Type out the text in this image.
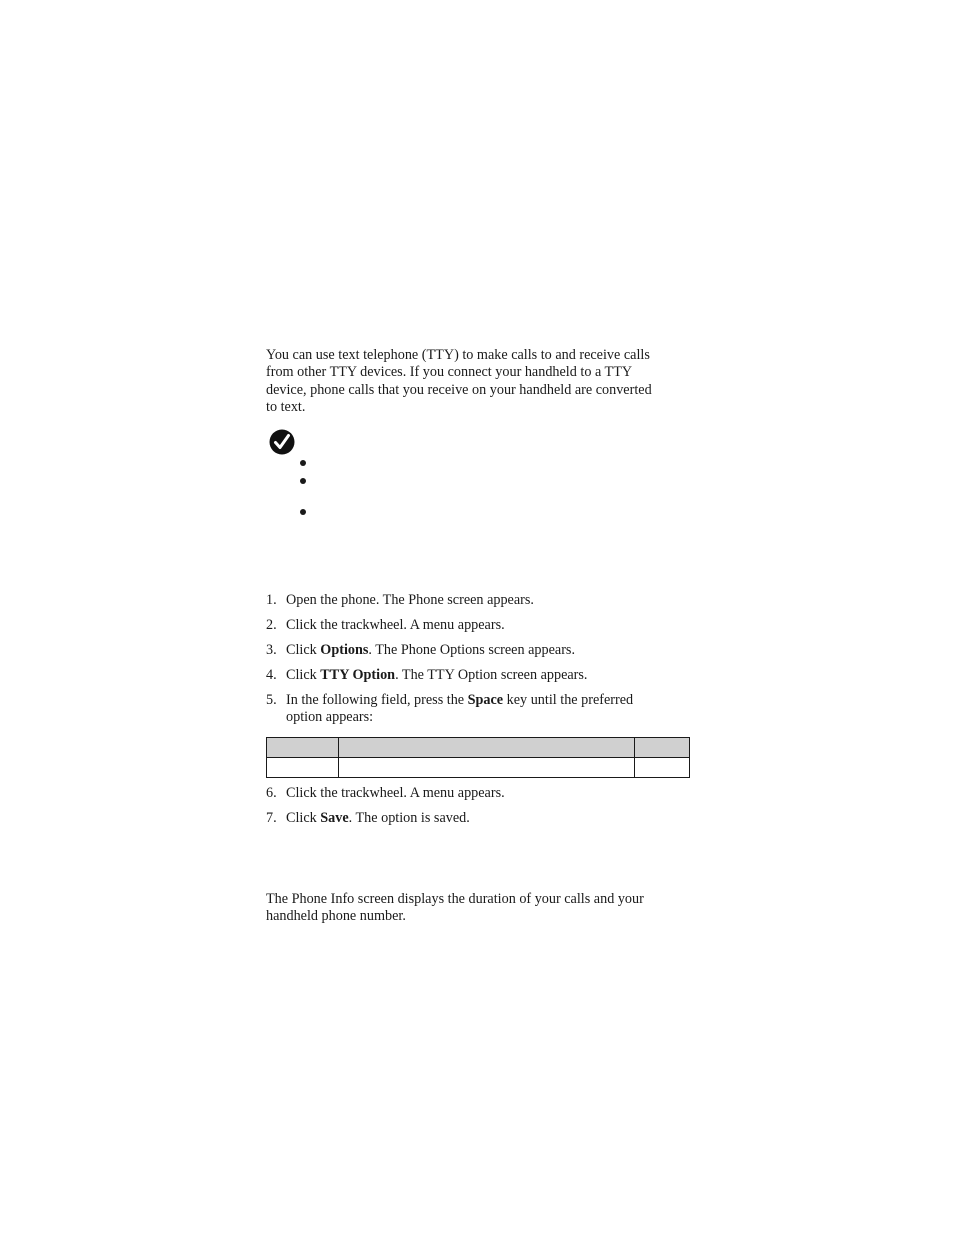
You can use text telephone (TTY) to make calls to and receive calls
from other TTY devices. If you connect your handheld to a TTY
device, phone calls that you receive on your handheld are converted
to text.

1. Open the phone. The Phone screen appears.
2. Click the trackwheel. A menu appears.
3. Click Options. The Phone Options screen appears.
4. Click TTY Option. The TTY Option screen appears.
5. In the following field, press the Space key until the preferred
option appears:

6. Click the trackwheel. A menu appears.
7. Click Save. The option is saved.

The Phone Info screen displays the duration of your calls and your
handheld phone number.
